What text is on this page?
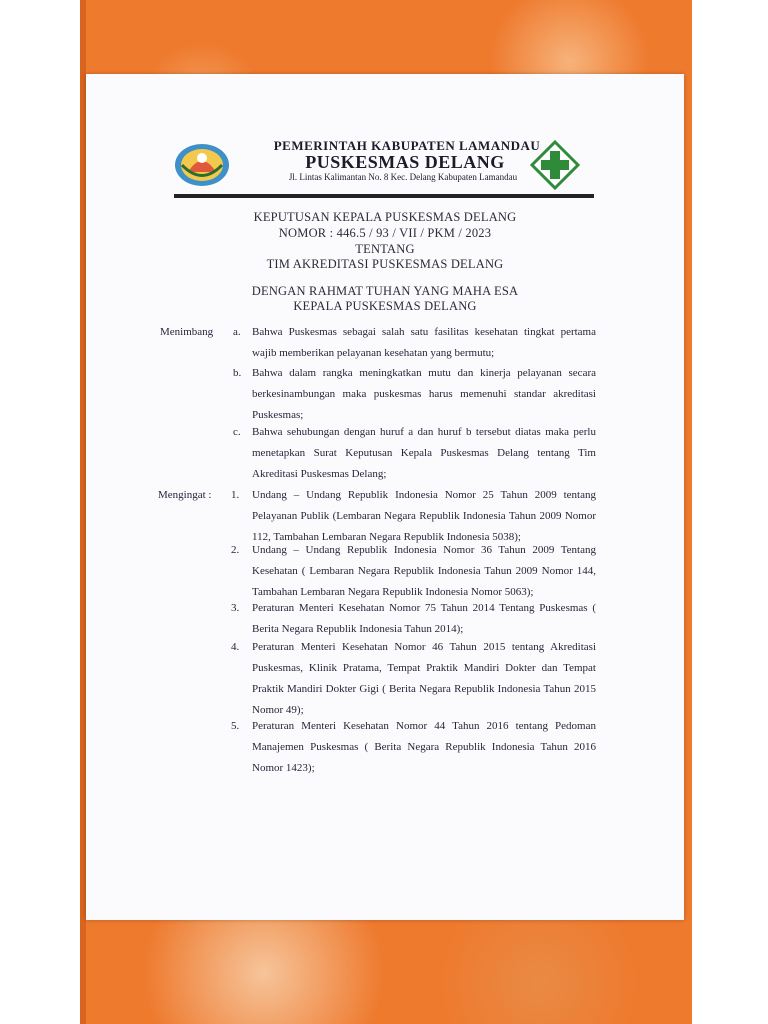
PEMERINTAH KABUPATEN LAMANDAU
PUSKESMAS DELANG
Jl. Lintas Kalimantan No. 8 Kec. Delang Kabupaten Lamandau
KEPUTUSAN KEPALA PUSKESMAS DELANG
NOMOR : 446.5 / 93 / VII / PKM / 2023
TENTANG
TIM AKREDITASI PUSKESMAS DELANG
DENGAN RAHMAT TUHAN YANG MAHA ESA
KEPALA PUSKESMAS DELANG
Menimbang a. Bahwa Puskesmas sebagai salah satu fasilitas kesehatan tingkat pertama wajib memberikan pelayanan kesehatan yang bermutu;

b. Bahwa dalam rangka meningkatkan mutu dan kinerja pelayanan secara berkesinambungan maka puskesmas harus memenuhi standar akreditasi Puskesmas;

c. Bahwa sehubungan dengan huruf a dan huruf b tersebut diatas maka perlu menetapkan Surat Keputusan Kepala Puskesmas Delang tentang Tim Akreditasi Puskesmas Delang;

Mengingat : 1. Undang – Undang Republik Indonesia Nomor 25 Tahun 2009 tentang Pelayanan Publik (Lembaran Negara Republik Indonesia Tahun 2009 Nomor 112, Tambahan Lembaran Negara Republik Indonesia 5038);

2. Undang – Undang Republik Indonesia Nomor 36 Tahun 2009 Tentang Kesehatan ( Lembaran Negara Republik Indonesia Tahun 2009 Nomor 144, Tambahan Lembaran Negara Republik Indonesia Nomor 5063);

3. Peraturan Menteri Kesehatan Nomor 75 Tahun 2014 Tentang Puskesmas ( Berita Negara Republik Indonesia Tahun 2014);

4. Peraturan Menteri Kesehatan Nomor 46 Tahun 2015 tentang Akreditasi Puskesmas, Klinik Pratama, Tempat Praktik Mandiri Dokter dan Tempat Praktik Mandiri Dokter Gigi ( Berita Negara Republik Indonesia Tahun 2015 Nomor 49);

5. Peraturan Menteri Kesehatan Nomor 44 Tahun 2016 tentang Pedoman Manajemen Puskesmas ( Berita Negara Republik Indonesia Tahun 2016 Nomor 1423);
